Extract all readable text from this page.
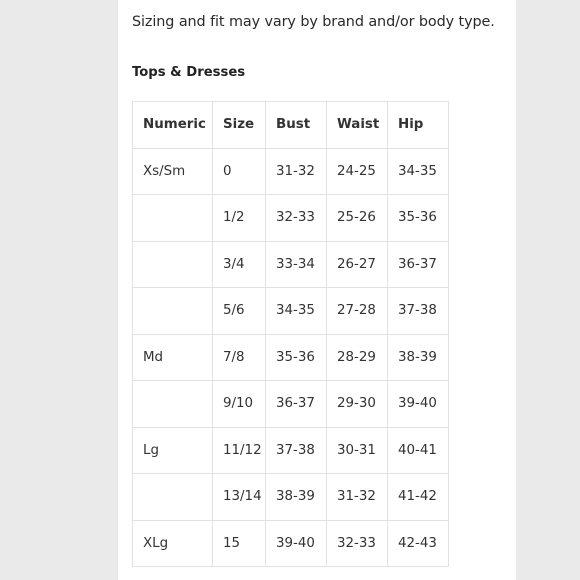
Sizing and fit may vary by brand and/or body type.
Tops & Dresses
Numeric	Size	Bust	Waist	Hip
Xs/Sm	0	31-32	24-25	34-35
	1/2	32-33	25-26	35-36
	3/4	33-34	26-27	36-37
	5/6	34-35	27-28	37-38
Md	7/8	35-36	28-29	38-39
	9/10	36-37	29-30	39-40
Lg	11/12	37-38	30-31	40-41
	13/14	38-39	31-32	41-42
XLg	15	39-40	32-33	42-43
